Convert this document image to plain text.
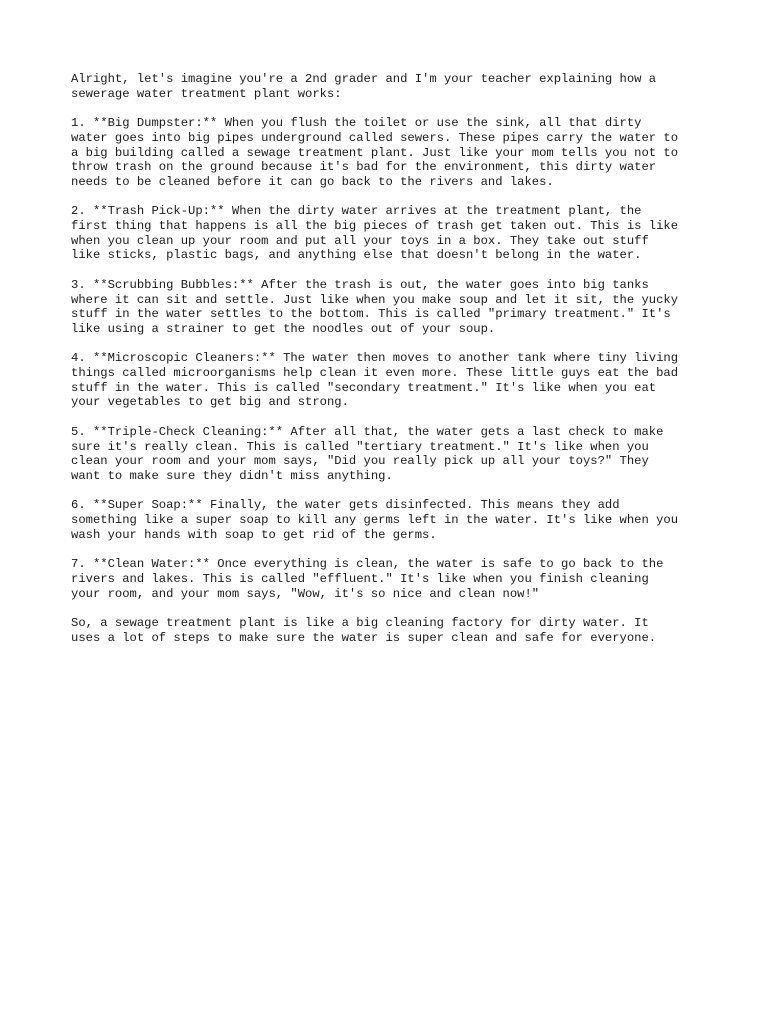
Alright, let's imagine you're a 2nd grader and I'm your teacher explaining how a
sewerage water treatment plant works:

1. **Big Dumpster:** When you flush the toilet or use the sink, all that dirty
water goes into big pipes underground called sewers. These pipes carry the water to
a big building called a sewage treatment plant. Just like your mom tells you not to
throw trash on the ground because it's bad for the environment, this dirty water
needs to be cleaned before it can go back to the rivers and lakes.

2. **Trash Pick-Up:** When the dirty water arrives at the treatment plant, the
first thing that happens is all the big pieces of trash get taken out. This is like
when you clean up your room and put all your toys in a box. They take out stuff
like sticks, plastic bags, and anything else that doesn't belong in the water.

3. **Scrubbing Bubbles:** After the trash is out, the water goes into big tanks
where it can sit and settle. Just like when you make soup and let it sit, the yucky
stuff in the water settles to the bottom. This is called "primary treatment." It's
like using a strainer to get the noodles out of your soup.

4. **Microscopic Cleaners:** The water then moves to another tank where tiny living
things called microorganisms help clean it even more. These little guys eat the bad
stuff in the water. This is called "secondary treatment." It's like when you eat
your vegetables to get big and strong.

5. **Triple-Check Cleaning:** After all that, the water gets a last check to make
sure it's really clean. This is called "tertiary treatment." It's like when you
clean your room and your mom says, "Did you really pick up all your toys?" They
want to make sure they didn't miss anything.

6. **Super Soap:** Finally, the water gets disinfected. This means they add
something like a super soap to kill any germs left in the water. It's like when you
wash your hands with soap to get rid of the germs.

7. **Clean Water:** Once everything is clean, the water is safe to go back to the
rivers and lakes. This is called "effluent." It's like when you finish cleaning
your room, and your mom says, "Wow, it's so nice and clean now!"

So, a sewage treatment plant is like a big cleaning factory for dirty water. It
uses a lot of steps to make sure the water is super clean and safe for everyone.
